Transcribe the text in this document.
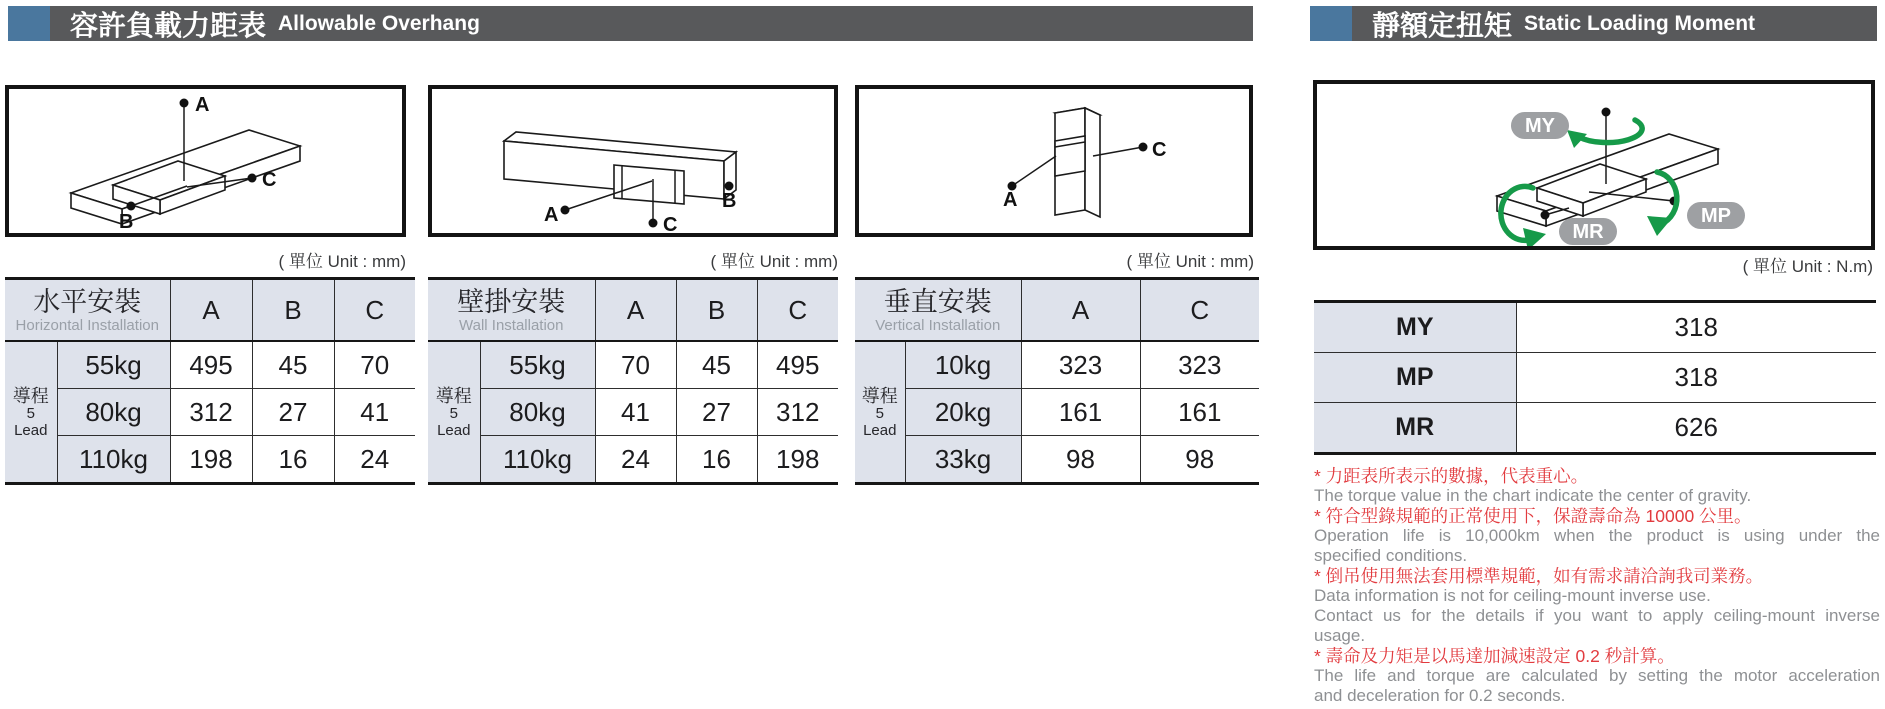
容許負載力距表 Allowable Overhang	靜額定扭矩 Static Loading Moment
A
B
C
A
B
C
A
C
MY
MP
MR
( 單位 Unit : mm)	( 單位 Unit : mm)	( 單位 Unit : mm)	( 單位 Unit : N.m)
水平安裝
Horizontal Installation		A	B	C

導程
5
Lead	55kg	495	45	70
	80kg	312	27	41
	110kg	198	16	24
壁掛安裝
Wall Installation		A	B	C

導程
5
Lead	55kg	70	45	495
	80kg	41	27	312
	110kg	24	16	198
垂直安裝
Vertical Installation		A	C

導程
5
Lead	10kg	323	323
	20kg	161	161
	33kg	98	98
MY	318
MP	318
MR	626
* 力距表所表示的數據，代表重心。
The torque value in the chart indicate the center of gravity.
* 符合型錄規範的正常使用下，保證壽命為 10000 公里。
Operation life is 10,000km when the product is using under the
specified conditions.
* 倒吊使用無法套用標準規範，如有需求請洽詢我司業務。
Data information is not for ceiling-mount inverse use.
Contact us for the details if you want to apply ceiling-mount inverse
usage.
* 壽命及力矩是以馬達加減速設定 0.2 秒計算。
The life and torque are calculated by setting the motor acceleration
and deceleration for 0.2 seconds.
